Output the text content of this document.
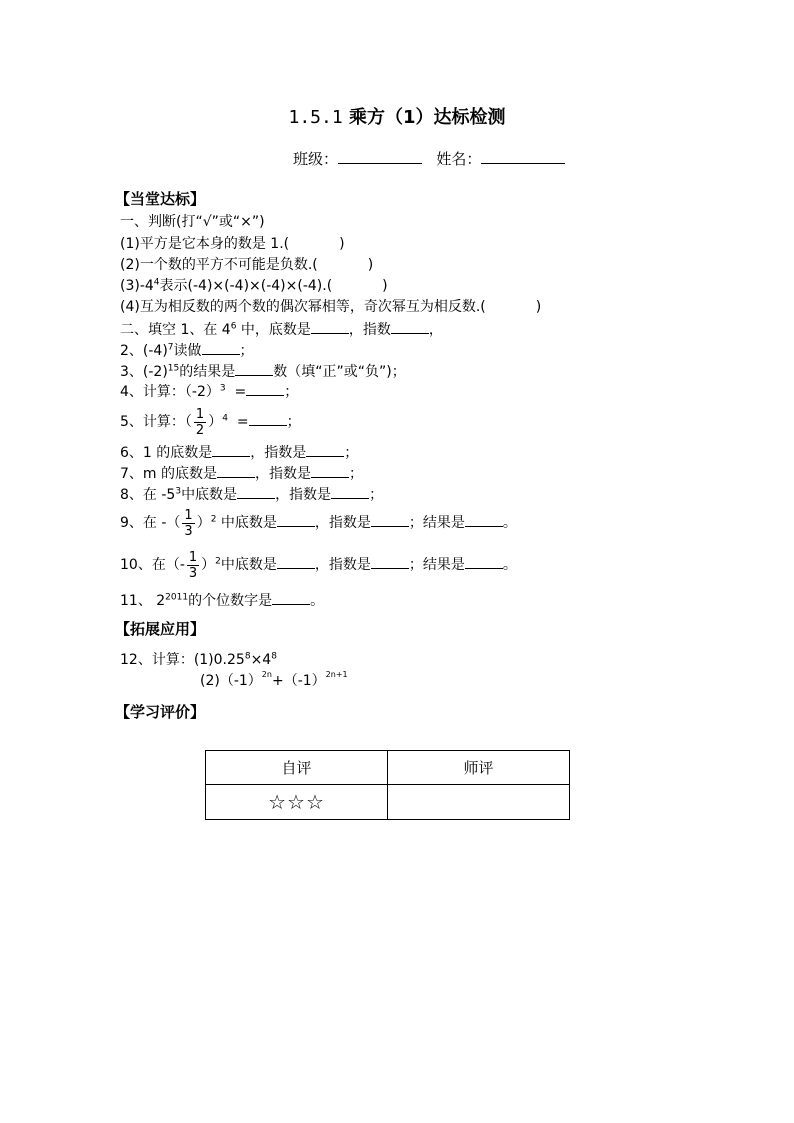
1.5.1 乘方（1）达标检测
班级：	姓名：
【当堂达标】
一、判断(打“√”或“×”)
(1)平方是它本身的数是 1.(	)
(2)一个数的平方不可能是负数.(	)
$(3)-4^4$表示(-4)×(-4)×(-4)×(-4).(	)
(4)互为相反数的两个数的偶次幂相等，奇次幂互为相反数.(	)
二、填空 1、在 $4^6$ 中，底数是	，指数	，
2、$(-4)^7$读做	；
3、$(-2)^{15}$的结果是	数（填“正”或“负”)；
4、计算：$(-2)^3$ =	；
5、计算：（ $\frac{1}{2} )^4$ =	；
6、1 的底数是	，指数是	；
7、m 的底数是	，指数是	；
8、在 $-5^3$中底数是	，指数是	；
9、在 -（ $\frac{1}{3} )^2$ 中底数是	，指数是	；结果是	。
10、在（- $\frac{1}{3} )^2$中底数是	，指数是	；结果是	。
11、 $2^{2011}$的个位数字是	。
【拓展应用】
12、计算：$(1)0.25^8\times 4^8$
$(2)(-1)^{2n}+(-1)^{2n+1}$
【学习评价】
自评	师评
☆☆☆	
